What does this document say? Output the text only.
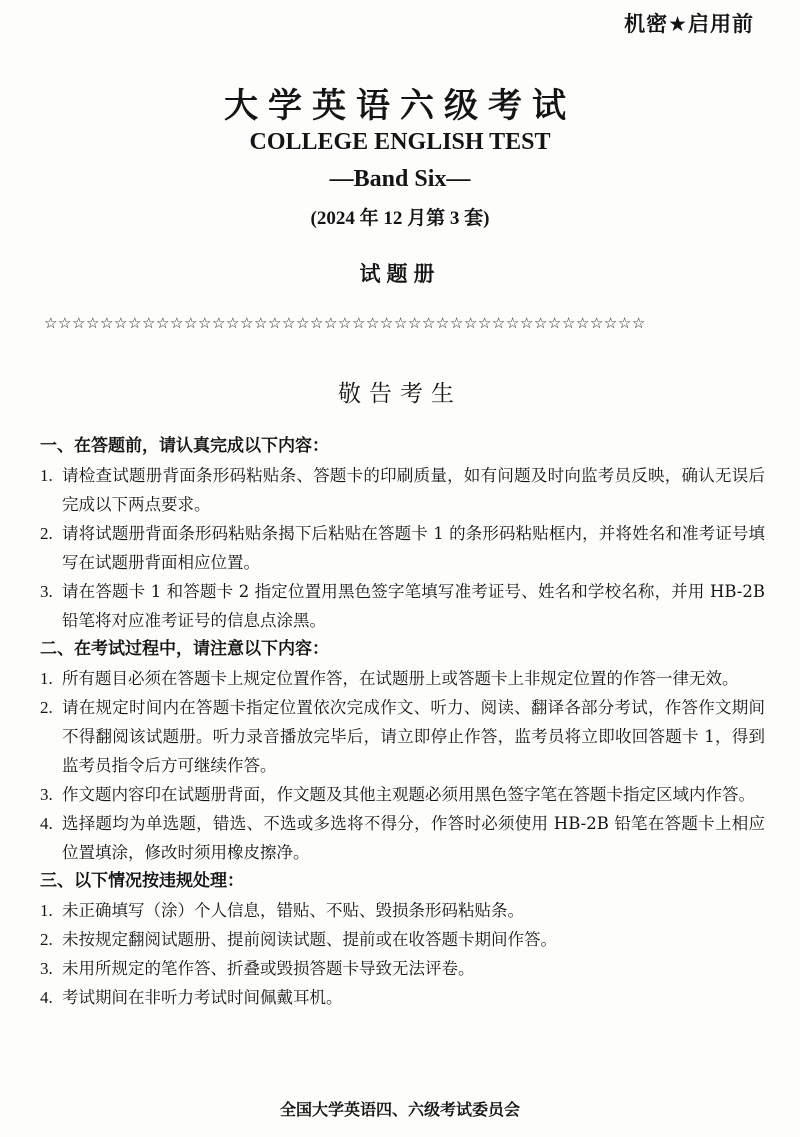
机密★启用前
大学英语六级考试
COLLEGE ENGLISH TEST
—Band Six—
(2024 年 12 月第 3 套)
试题册
☆☆☆☆☆☆☆☆☆☆☆☆☆☆☆☆☆☆☆☆☆☆☆☆☆☆☆☆☆☆☆☆☆☆☆☆☆☆☆☆☆☆☆
敬告考生
一、在答题前，请认真完成以下内容：
1. 请检查试题册背面条形码粘贴条、答题卡的印刷质量，如有问题及时向监考员反映，确认无误后完成以下两点要求。
2. 请将试题册背面条形码粘贴条揭下后粘贴在答题卡 1 的条形码粘贴框内，并将姓名和准考证号填写在试题册背面相应位置。
3. 请在答题卡 1 和答题卡 2 指定位置用黑色签字笔填写准考证号、姓名和学校名称，并用 HB-2B 铅笔将对应准考证号的信息点涂黑。
二、在考试过程中，请注意以下内容：
1. 所有题目必须在答题卡上规定位置作答，在试题册上或答题卡上非规定位置的作答一律无效。
2. 请在规定时间内在答题卡指定位置依次完成作文、听力、阅读、翻译各部分考试，作答作文期间不得翻阅该试题册。听力录音播放完毕后，请立即停止作答，监考员将立即收回答题卡 1，得到监考员指令后方可继续作答。
3. 作文题内容印在试题册背面，作文题及其他主观题必须用黑色签字笔在答题卡指定区域内作答。
4. 选择题均为单选题，错选、不选或多选将不得分，作答时必须使用 HB-2B 铅笔在答题卡上相应位置填涂，修改时须用橡皮擦净。
三、以下情况按违规处理：
1. 未正确填写（涂）个人信息，错贴、不贴、毁损条形码粘贴条。
2. 未按规定翻阅试题册、提前阅读试题、提前或在收答题卡期间作答。
3. 未用所规定的笔作答、折叠或毁损答题卡导致无法评卷。
4. 考试期间在非听力考试时间佩戴耳机。
全国大学英语四、六级考试委员会
